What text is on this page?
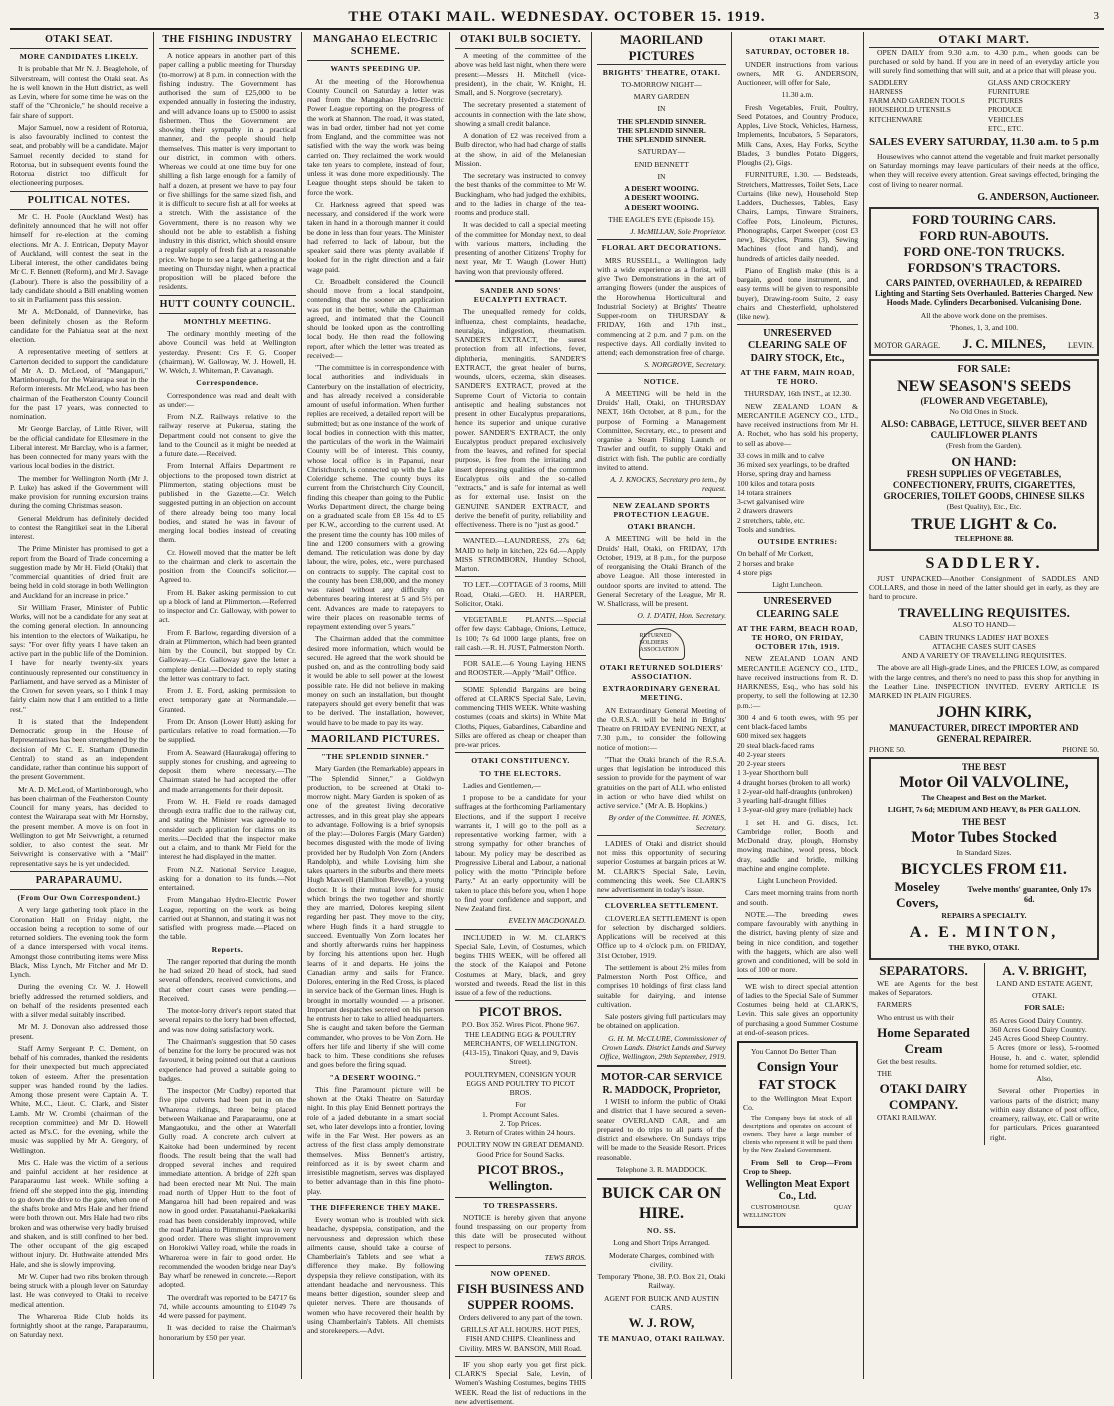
THE OTAKI MAIL. WEDNESDAY. OCTOBER 15. 1919.	3
OTAKI SEAT.
MORE CANDIDATES LIKELY.

It is probable that Mr N. J. Beaglehole, of Silverstream, will contest the Otaki seat. As he is well known in the Hutt district, as well as Levin, where for some time he was on the staff of the "Chronicle," he should receive a fair share of support.

Major Samuel, now a resident of Rotorua, is also favourably inclined to contest the seat, and probably will be a candidate. Major Samuel recently decided to stand for Rotorua, but in subsequent events found the Rotorua district too difficult for electioneering purposes.

POLITICAL NOTES.

Mr C. H. Poole (Auckland West) has definitely announced that he will not offer himself for re-election at the coming elections. Mr A. J. Entrican, Deputy Mayor of Auckland, will contest the seat in the Liberal interest, the other candidates being Mr C. F. Bennett (Reform), and Mr J. Savage (Labour). There is also the possibility of a lady candidate should a Bill enabling women to sit in Parliament pass this session.

Mr A. McDonald, of Dannevirke, has been definitely chosen as the Reform candidate for the Pahiatua seat at the next election.

A representative meeting of settlers at Carterton decided to support the candidature of Mr A. D. McLeod, of "Mangapuri," Martinborough, for the Wairarapa seat in the Reform interests. Mr McLeod, who has been chairman of the Featherston County Council for the past 17 years, was connected to nomination.

Mr George Barclay, of Little River, will be the official candidate for Ellesmere in the Liberal interest. Mr Barclay, who is a farmer, has been connected for many years with the various local bodies in the district.

The member for Wellington North (Mr J. P. Luke) has asked if the Government will make provision for running excursion trains during the coming Christmas season.

General Meldrum has definitely decided to contest the Rangitikei seat in the Liberal interest.

The Prime Minister has promised to get a report from the Board of Trade concerning a suggestion made by Mr H. Field (Otaki) that "commercial quantities of dried fruit are being held in cold storage in both Wellington and Auckland for an increase in price."

Sir William Fraser, Minister of Public Works, will not be a candidate for any seat at the coming general election. In announcing his intention to the electors of Waikatipu, he says: "For over fifty years I have taken an active part in the public life of the Dominion. I have for nearly twenty-six years continuously represented our constituency in Parliament, and have served as a Minister of the Crown for seven years, so I think I may fairly claim now that I am entitled to a little rest."

It is stated that the Independent Democratic group in the House of Representatives has been strengthened by the decision of Mr C. E. Statham (Dunedin Central) to stand as an independent candidate, rather than continue his support of the present Government.

Mr A. D. McLeod, of Martinborough, who has been chairman of the Featherston County Council for many years, has decided to contest the Wairarapa seat with Mr Hornsby, the present member. A move is on foot in Wellington to get Mr Seivwright, a returned soldier, to also contest the seat. Mr Seivwright is conservative with a "Mail" representative says he is yet undecided.

PARAPARAUMU.
(From Our Own Correspondent.)

A very large gathering took place in the Coronation Hall on Friday night, the occasion being a reception to some of our returned soldiers. The evening took the form of a dance interspersed with vocal items. Amongst those contributing items were Miss Black, Miss Lynch, Mr Fitcher and Mr D. Lynch.

During the evening Cr. W. J. Howell briefly addressed the returned soldiers, and on behalf of the residents presented each with a silver medal suitably inscribed.

Mr M. J. Donovan also addressed those present.

Staff Army Sergeant P. C. Dement, on behalf of his comrades, thanked the residents for their unexpected but much appreciated token of esteem. After the presentation supper was handed round by the ladies. Among those present were Captain A. T. White, M.C., Lieut. C. Clark, and Sister Lamb. Mr W. Crombi (chairman of the reception committee) and Mr D. Howell acted as M's.C. for the evening, while the music was supplied by Mr A. Gregory, of Wellington.

Mrs C. Hale was the victim of a serious and painful accident at her residence at Paraparaumu last week. While softing a friend off she stepped into the gig, intending to go down the drive to the gate, when one of the shafts broke and Mrs Hale and her friend were both thrown out. Mrs Hale had two ribs broken and was otherwise very badly bruised and shaken, and is still confined to her bed. The other occupant of the gig escaped without injury. Dr. Huthwaite attended Mrs Hale, and she is slowly improving.

Mr W. Cuper had two ribs broken through being struck with a plough lever on Saturday last. He was conveyed to Otaki to receive medical attention.

The Whareroa Ride Club holds its fortnightly shoot at the range, Paraparaumu, on Saturday next.

THE FISHING INDUSTRY

A notice appears in another part of this paper calling a public meeting for Thursday (to-morrow) at 8 p.m. in connection with the fishing industry. The Government has authorised the sum of £25,000 to be expended annually in fostering the industry, and will advance loans up to £5000 to assist fishermen. Thus the Government are showing their sympathy in a practical manner, and the people should help themselves. This matter is very important to our district, in common with others. Whereas we could at one time buy for one shilling a fish large enough for a family of half a dozen, at present we have to pay four or five shillings for the same sized fish, and it is difficult to secure fish at all for weeks at a stretch. With the assistance of the Government, there is no reason why we should not be able to establish a fishing industry in this district, which should ensure a regular supply of fresh fish at a reasonable price. We hope to see a large gathering at the meeting on Thursday night, when a practical proposition will be placed before the residents.

HUTT COUNTY COUNCIL.
MONTHLY MEETING.

The ordinary monthly meeting of the above Council was held at Wellington yesterday. Present: Crs F. G. Cooper (chairman), W. Galloway, W. J. Howell, H. W. Welch, J. Whiteman, P. Cavanagh.

Correspondence.

Correspondence was read and dealt with as under:—

From N.Z. Railways relative to the railway reserve at Pukerua, stating the Department could not consent to give the land to the Council as it might be needed at a future date.—Received.

From Internal Affairs Department re objections to the proposed town district at Plimmerton, stating objections must be published in the Gazette.—Cr. Welch suggested putting in an objection on account of there already being too many local bodies, and stated he was in favour of merging local bodies instead of creating them.

Cr. Howell moved that the matter be left to the chairman and clerk to ascertain the position from the Council's solicitor.—Agreed to.

From H. Baker asking permission to cut up a block of land at Plimmerton.—Referred to inspector and Cr. Galloway, with power to act.

From F. Barlow, regarding diversion of a drain at Plimmerton, which had been granted him by the Council, but stopped by Cr. Galloway.—Cr. Galloway gave the letter a complete denial.—Decided to reply stating the letter was contrary to fact.

From J. E. Ford, asking permission to erect temporary gate at Normandale.—Granted.

From Dr. Anson (Lower Hutt) asking for particulars relative to road formation.—To be supplied.

From A. Seaward (Haurakuga) offering to supply stones for crushing, and agreeing to deposit them where necessary.—The Chairman stated he had accepted the offer and made arrangements for their deposit.

From W. H. Field re roads damaged through extra traffic due to the railway cut, and stating the Minister was agreeable to consider such application for claims on its merits.—Decided that the inspector make out a claim, and to thank Mr Field for the interest he had displayed in the matter.

From N.Z. National Service League, asking for a donation to its funds.—Not entertained.

From Mangahao Hydro-Electric Power League, reporting on the work as being carried out at Shannon, and stating it was not satisfied with progress made.—Placed on the table.

Reports.

The ranger reported that during the month he had seized 20 head of stock, had sued several offenders, received convictions, and that other court cases were pending.—Received.

The motor-lorry driver's report stated that several repairs to the lorry had been effected, and was now doing satisfactory work.

The Chairman's suggestion that 50 cases of benzine for the lorry be procured was not favoured, it being pointed out that a cautious experience had proved a suitable going to badges.

The inspector (Mr Cudby) reported that five pipe culverts had been put in on the Whareroa ridings, three being placed between Waikanae and Paraparaumu, one at Mangaotuku, and the other at Waterfall Gully road. A concrete arch culvert at Kaitoke had been undermined by recent floods. The result being that the wall had dropped several inches and required immediate attention. A bridge of 22ft span had been erected near Mt Nui. The main road north of Upper Hutt to the foot of Mangaroa hill had been repaired and was now in good order. Pauatahanui-Paekakariki road has been considerably improved, while the road Pahiatua to Plimmerton was in very good order. There was slight improvement on Horokiwi Valley road, while the roads in Whareroa were in fair to good order. He recommended the wooden bridge near Day's Bay wharf be renewed in concrete.—Report adopted.

The overdraft was reported to be £4717 6s 7d, while accounts amounting to £1049 7s 4d were passed for payment.

It was decided to raise the Chairman's honorarium by £50 per year.

MANGAHAO ELECTRIC SCHEME.
WANTS SPEEDING UP.

At the meeting of the Horowhenua County Council on Saturday a letter was read from the Mangahao Hydro-Electric Power League reporting on the progress of the work at Shannon. The road, it was stated, was in bad order, timber had not yet come from England, and the committee was not satisfied with the way the work was being carried on. They reclaimed the work would take ten years to complete, instead of four, unless it was done more expeditiously. The League thought steps should be taken to force the work.

Cr. Harkness agreed that speed was necessary, and considered if the work were taken in hand in a thorough manner it could be done in less than four years. The Minister had referred to lack of labour, but the speaker said there was plenty available if looked for in the right direction and a fair wage paid.

Cr. Broadbelt considered the Council should move from a local standpoint, contending that the sooner an application was put in the better, while the Chairman agreed, and intimated that the Council should be looked upon as the controlling local body. He then read the following report, after which the letter was treated as received:—

"The committee is in correspondence with local authorities and individuals in Canterbury on the installation of electricity, and has already received a considerable amount of useful information. When further replies are received, a detailed report will be submitted; but as one instance of the work of local bodies in connection with this matter, the particulars of the work in the Waimairi County will be of interest. This county, whose local office is in Papanui, near Christchurch, is connected up with the Lake Coleridge scheme. The county buys its current from the Christchurch City Council, finding this cheaper than going to the Public Works Department direct, the charge being on a graduated scale from £8 15s 4d to £5 per K.W., according to the current used. At the present time the county has 100 miles of line and 1200 consumers with a growing demand. The reticulation was done by day labour, the wire, poles, etc., were purchased on contracts to supply. The capital cost to the county has been £38,000, and the money was raised without any difficulty on debentures bearing interest at 5 and 5½ per cent. Advances are made to ratepayers to wire their places on reasonable terms of repayment extending over 5 years."

The Chairman added that the committee desired more information, which would be secured. He agreed that the work should be pushed on, and as the controlling body said it would be able to sell power at the lowest possible rate. He did not believe in making money on such an installation, but thought ratepayers should get every benefit that was to be derived. The installation, however, would have to be made to pay its way.

MAORILAND PICTURES.
"THE SPLENDID SINNER."

Mary Garden (the Remarkable) appears in "The Splendid Sinner," a Goldwyn production, to be screened at Otaki to-morrow night. Mary Garden is spoken of as one of the greatest living decorative actresses, and in this great play she appears to advantage. Following is a brief synopsis of the play:—Dolores Fargis (Mary Garden) becomes disgusted with the mode of living provided her by Rudolph Von Zorn (Anders Randolph), and while Lovising him she takes quarters in the suburbs and there meets Hugh Maxwell (Hamilton Revelle), a young doctor. It is their mutual love for music which brings the two together and shortly they are married, Dolores keeping silent regarding her past. They move to the city, where Hugh finds it a hard struggle to succeed. Eventually Von Zorn locates her and shortly afterwards ruins her happiness by forcing his attentions upon her. Hugh learns of it and departs. He joins the Canadian army and sails for France. Dolores, entering in the Red Cross, is placed in service back of the German lines. Hugh is brought in mortally wounded — a prisoner. Important despatches secreted on his person he entrusts her to take to allied headquarters. She is caught and taken before the German commander, who proves to be Von Zorn. He offers her life and liberty if she will come back to him. These conditions she refuses and goes before the firing squad.

"A DESERT WOOING."

This fine Paramount picture will be shown at the Otaki Theatre on Saturday night. In this play Enid Bennett portrays the role of a jaded debutante in a smart social set, who later develops into a frontier, loving wife in the Far West. Her powers as an actress of the first class amply demonstrate themselves. Miss Bennett's artistry, reinforced as it is by sweet charm and irresistible magnetism, serves was displayed to better advantage than in this fine photo-play.

THE DIFFERENCE THEY MAKE.

Every woman who is troubled with sick headache, dyspepsia, constipation, and the nervousness and depression which these ailments cause, should take a course of Chamberlain's Tablets and see what a difference they make. By following dyspepsia they relieve constipation, with its attendant headache and nervousness. This means better digestion, sounder sleep and quieter nerves. There are thousands of women who have recovered their health by using Chamberlain's Tablets. All chemists and storekeepers.—Advt.

OTAKI BULB SOCIETY.

A meeting of the committee of the above was held last night, when there were present:—Messrs H. Mitchell (vice-president), in the chair, W. Knight, H. Small, and S. Norgrove (secretary).

The secretary presented a statement of accounts in connection with the late show, showing a small credit balance.

A donation of £2 was received from a Bulb director, who had had charge of stalls at the show, in aid of the Melanesian Mission.

The secretary was instructed to convey the best thanks of the committee to Mr W. Buckingham, who had judged the exhibits, and to the ladies in charge of the tea-rooms and produce stall.

It was decided to call a special meeting of the committee for Monday next, to deal with various matters, including the presenting of another Citizens' Trophy for next year, Mr T. Waugh (Lower Hutt) having won that previously offered.

SANDER AND SONS' EUCALYPTI EXTRACT.

The unequalled remedy for colds, influenza, chest complaints, headache, neuralgia, indigestion, rheumatism. SANDER'S EXTRACT, the surest protection from all infections, fever, diphtheria, meningitis. SANDER'S EXTRACT, the great healer of burns, wounds, ulcers, eczema, skin diseases. SANDER'S EXTRACT, proved at the Supreme Court of Victoria to contain antiseptic and healing substances not present in other Eucalyptus preparations, hence its superior and unique curative power. SANDER'S EXTRACT, the only Eucalyptus product prepared exclusively from the leaves, and refined for special purpose, is free from the irritating and insert depressing qualities of the common Eucalyptus oils and the so-called "extracts," and is safe for internal as well as for external use. Insist on the GENUINE SANDER EXTRACT, and derive the benefit of purity, reliability and effectiveness. There is no "just as good."

WANTED.—LAUNDRESS, 27s 6d; MAID to help in kitchen, 22s 6d.—Apply MISS STROMBORN, Huntley School, Marton.

TO LET.—COTTAGE of 3 rooms, Mill Road, Otaki.—GEO. H. HARPER, Solicitor, Otaki.

VEGETABLE PLANTS.—Special offer few days: Cabbage, Onions, Lettuce, 1s 100; 7s 6d 1000 large plants, free on rail cash.—R. H. JUST, Palmerston North.

FOR SALE.—6 Young Laying HENS and ROOSTER.—Apply "Mail" Office.

SOME Splendid Bargains are being offered at CLARK'S Special Sale, Levin, commencing THIS WEEK. White washing costumes (coats and skirts) in White Mat Cloths, Piques, Gabardines, Cabardine and Silks are offered as cheap or cheaper than pre-war prices.

OTAKI CONSTITUENCY.
TO THE ELECTORS.

Ladies and Gentlemen,—

I propose to be a candidate for your suffrages at the forthcoming Parliamentary Elections, and if the support I receive warrants it, I will go to the poll as a representative working farmer, with a strong sympathy for other branches of labour. My policy may be described as Progressive Liberal and Labour, a national policy with the motto "Principle before Party." At an early opportunity will be taken to place this before you, when I hope to find your confidence and support, and New Zealand first.

EVELYN MACDONALD.

INCLUDED in W. M. CLARK'S Special Sale, Levin, of Costumes, which begins THIS WEEK, will be offered all the stock of the Kaiapoi and Petone Costumes at Mary, black, and grey worsted and tweeds. Read the list in this issue of a few of the reductions.

PICOT BROS.

P.O. Box 352. Wires Picot. Phone 967. THE LEADING EGG & POULTRY MERCHANTS, OF WELLINGTON. (413-15), Tinakori Quay, and 9, Davis Street).

POULTRYMEN, CONSIGN YOUR EGGS AND POULTRY TO PICOT BROS.

For
1. Prompt Account Sales.
2. Top Prices.
3. Return of Crates within 24 hours.

POULTRY NOW IN GREAT DEMAND. Good Price for Sound Sacks.

PICOT BROS., Wellington.
TO TRESPASSERS.

NOTICE is hereby given that anyone found trespassing on our property from this date will be prosecuted without respect to persons.

TEWS BROS.

NOW OPENED.
FISH BUSINESS AND SUPPER ROOMS.

Orders delivered to any part of the town.

GRILLS AT ALL HOURS. HOT PIES, FISH AND CHIPS. Cleanliness and Civility. MRS W. BANSON, Mill Road.

IF you shop early you get first pick. CLARK'S Special Sale, Levin, of Women's Washing Costumes, begins THIS WEEK. Read the list of reductions in the new advertisement.

MAORILAND PICTURES
BRIGHTS' THEATRE, OTAKI.

TO-MORROW NIGHT—

MARY GARDEN

IN

THE SPLENDID SINNER.
THE SPLENDID SINNER.
THE SPLENDID SINNER.

SATURDAY—

ENID BENNETT

IN

A DESERT WOOING.
A DESERT WOOING.
A DESERT WOOING.

THE EAGLE'S EYE (Episode 15).

J. McMILLAN, Sole Proprietor.

FLORAL ART DECORATIONS.

MRS RUSSELL, a Wellington lady with a wide experience as a florist, will give Two Demonstrations in the art of arranging flowers (under the auspices of the Horowhenua Horticultural and Industrial Society) at Brights' Theatre Supper-room on THURSDAY & FRIDAY, 16th and 17th inst., commencing at 2 p.m. and 7 p.m. on the respective days. All cordially invited to attend; each demonstration free of charge.

S. NORGROVE, Secretary.

NOTICE.

A MEETING will be held in the Druids' Hall, Otaki, on THURSDAY NEXT, 16th October, at 8 p.m., for the purpose of Forming a Management Committee, Secretary, etc., to present and organise a Steam Fishing Launch or Trawler and outfit, to supply Otaki and district with fish. The public are cordially invited to attend.

A. J. KNOCKS, Secretary pro tem., by request.

NEW ZEALAND SPORTS PROTECTION LEAGUE.
OTAKI BRANCH.

A MEETING will be held in the Druids' Hall, Otaki, on FRIDAY, 17th October, 1919, at 8 p.m., for the purpose of reorganising the Otaki Branch of the above League. All those interested in outdoor sports are invited to attend. The General Secretary of the League, Mr R. W. Shallcrass, will be present.

O. J. D'ATH, Hon. Secretary.

RETURNED SOLDIERS ASSOCIATION
OTAKI RETURNED SOLDIERS' ASSOCIATION.
EXTRAORDINARY GENERAL MEETING.

AN Extraordinary General Meeting of the O.R.S.A. will be held in Brights' Theatre on FRIDAY EVENING NEXT, at 7.30 p.m., to consider the following notice of motion:—

"That the Otaki branch of the R.S.A. urges that legislation be introduced this session to provide for the payment of war gratuities on the part of ALL who enlisted in action or who have died whilst on active service." (Mr A. B. Hopkins.)

By order of the Committee. H. JONES, Secretary.

LADIES of Otaki and district should not miss this opportunity of securing superior Costumes at bargain prices at W. M. CLARK'S Special Sale, Levin, commencing this week. See CLARK'S new advertisement in today's issue.

CLOVERLEA SETTLEMENT.

CLOVERLEA SETTLEMENT is open for selection by discharged soldiers. Applications will be received at this Office up to 4 o'clock p.m. on FRIDAY, 31st October, 1919.

The settlement is about 2½ miles from Palmerston North Post Office, and comprises 10 holdings of first class land suitable for dairying, and intense cultivation.

Sale posters giving full particulars may be obtained on application.

G. H. M. McCLURE, Commissioner of Crown Lands. District Lands and Survey Office, Wellington, 29th September, 1919.

MOTOR-CAR SERVICE
R. MADDOCK, Proprietor,

I WISH to inform the public of Otaki and district that I have secured a seven-seater OVERLAND CAR, and am prepared to do trips to all parts of the district and elsewhere. On Sundays trips will be made to the Seaside Resort. Prices reasonable.

Telephone 3. R. MADDOCK.

BUICK CAR ON HIRE.
NO. SS.

Long and Short Trips Arranged.

Moderate Charges, combined with civility.

Temporary 'Phone, 38. P.O. Box 21, Otaki Railway.

AGENT FOR BUICK AND AUSTIN CARS.

W. J. ROW,
TE MANUAO, OTAKI RAILWAY.
OTAKI MART.
SATURDAY, OCTOBER 18.

UNDER instructions from various owners, MR G. ANDERSON, Auctioneer, will offer for Sale,

11.30 a.m.

Fresh Vegetables, Fruit, Poultry, Seed Potatoes, and Country Produce, Apples, Live Stock, Vehicles, Harness, Implements, Incubators, 5 Separators, Milk Cans, Axes, Hay Forks, Scythe Blades, 3 bundles Potato Diggers, Ploughs (2), Gigs.

FURNITURE, 1.30. — Bedsteads, Stretchers, Mattresses, Toilet Sets, Lace Curtains (like new), Household Step Ladders, Duchesses, Tables, Easy Chairs, Lamps, Tinware Strainers, Coffee Pots, Linoleum, Pictures, Phonographs, Carpet Sweeper (cost £3 new), Bicycles, Prams (3), Sewing Machines (foot and hand), and hundreds of articles daily needed.

Piano of English make (this is a bargain, good tone instrument, and easy terms will be given to responsible buyer), Drawing-room Suite, 2 easy chairs and Chesterfield, upholstered (like new).

UNRESERVED CLEARING SALE OF DAIRY STOCK, Etc.,
AT THE FARM, MAIN ROAD, TE HORO.

THURSDAY, 16th INST., at 12.30.

NEW ZEALAND LOAN & MERCANTILE AGENCY CO., LTD., have received instructions from Mr H. A. Rochet, who has sold his property, to sell as above—

33 cows in milk and to calve
36 mixed sex yearlings, to be drafted
Horse, spring dray and harness
100 kilos and totara posts
14 totara strainers
3-cwt galvanised wire
2 drawers drawers
2 stretchers, table, etc.
Tools and sundries.

OUTSIDE ENTRIES:

On behalf of Mr Corkett,
2 horses and brake
4 store pigs

Light Luncheon.

UNRESERVED CLEARING SALE
AT THE FARM, BEACH ROAD, TE HORO, ON FRIDAY, OCTOBER 17th, 1919.

NEW ZEALAND LOAN AND MERCANTILE AGENCY CO., LTD., have received instructions from R. D. HARKNESS, Esq., who has sold his property, to sell the following at 12.30 p.m.:—

300 4 and 6 tooth ewes, with 95 per cent black-faced lambs
600 mixed sex haggets
20 steal black-faced rams
40 2-year steers
20 2-year steers
1 3-year Shorthorn bull
4 draught horses (broken to all work)
1 2-year-old half-draughts (unbroken)
3 yearling half-draught fillies
1 3-year-old grey mare (reliable) hack

1 set H. and G. discs, 1ct. Cambridge roller, Booth and McDonald dray, plough, Hornsby mowing machine, wool press, block dray, saddle and bridle, milking machine and engine complete.

Light Luncheon Provided.

Cars meet morning trains from north and south.

NOTE.—The breeding ewes compare favourably with anything in the district, having plenty of size and being in nice condition, and together with the haggets, which are also well grown and conditioned, will be sold in lots of 100 or more.

WE wish to direct special attention of ladies to the Special Sale of Summer Costumes being held at CLARK'S, Levin. This sale gives an opportunity of purchasing a good Summer Costume at end-of-season prices.

You Cannot Do Better Than

Consign Your FAT STOCK

to the Wellington Meat Export Co.

The Company buys fat stock of all descriptions and operates on account of owners. They have a large number of clients who represent it will be paid them by the New Zealand Government.

From Sell to Crop—From Crop to Sheep.

Wellington Meat Export Co., Ltd.

CUSTOMHOUSE QUAY WELLINGTON

OTAKI MART.

OPEN DAILY from 9.30 a.m. to 4.30 p.m., when goods can be purchased or sold by hand. If you are in need of an everyday article you will surely find something that will suit, and at a price that will please you.

SADDLERY	GLASS AND CROCKERY
HARNESS	FURNITURE
FARM AND GARDEN TOOLS	PICTURES
HOUSEHOLD UTENSILS	PRODUCE
KITCHENWARE	VEHICLES
ETC., ETC.
SALES EVERY SATURDAY, 11.30 a.m. to 5 p.m

Housewives who cannot attend the vegetable and fruit market personally on Saturday mornings may leave particulars of their needs at the office, when they will receive every attention. Great savings effected, bringing the cost of living to nearer normal.

G. ANDERSON, Auctioneer.

FORD TOURING CARS.
FORD RUN-ABOUTS.
FORD ONE-TON TRUCKS.
FORDSON'S TRACTORS.
CARS PAINTED, OVERHAULED, & REPAIRED

Lighting and Starting Sets Overhauled. Batteries Charged. New Hoods Made. Cylinders Decarbonised. Vulcanising Done.

All the above work done on the premises.

'Phones, 1, 3, and 100.

MOTOR GARAGE. J. C. MILNES,	LEVIN.
FOR SALE:
NEW SEASON'S SEEDS
(FLOWER AND VEGETABLE),

No Old Ones in Stock.

ALSO: CABBAGE, LETTUCE, SILVER BEET AND CAULIFLOWER PLANTS

(Fresh from the Garden).

ON HAND:
FRESH SUPPLIES OF VEGETABLES, CONFECTIONERY, FRUITS, CIGARETTES, GROCERIES, TOILET GOODS, CHINESE SILKS

(Best Quality), Etc., Etc.

TRUE LIGHT & Co.

TELEPHONE 88.

SADDLERY.

JUST UNPACKED—Another Consignment of SADDLES AND COLLARS, and those in need of the latter should get in early, as they are hard to procure.

TRAVELLING REQUISITES.

ALSO TO HAND—

CABIN TRUNKS LADIES' HAT BOXES
ATTACHE CASES SUIT CASES
AND A VARIETY OF TRAVELLING REQUISITES.

The above are all High-grade Lines, and the PRICES LOW, as compared with the large centres, and there's no need to pass this shop for anything in the Leather Line. INSPECTION INVITED. EVERY ARTICLE IS MARKED IN PLAIN FIGURES.

JOHN KIRK,
MANUFACTURER, DIRECT IMPORTER AND GENERAL REPAIRER.
PHONE 50.	PHONE 50.
THE BEST
Motor Oil VALVOLINE,

The Cheapest and Best on the Market.

LIGHT, 7s 6d; MEDIUM AND HEAVY, 8s PER GALLON.

THE BEST
Motor Tubes Stocked

In Standard Sizes.

BICYCLES FROM £11.
Moseley Covers,
Twelve months' guarantee, Only 17s 6d.

REPAIRS A SPECIALTY.

A. E. MINTON,

THE BYKO, OTAKI.

SEPARATORS.

WE are Agents for the best makes of Separators.

FARMERS

Who entrust us with their

Home Separated Cream

Get the best results.

THE

OTAKI DAIRY COMPANY.

OTAKI RAILWAY.

A. V. BRIGHT,

LAND AND ESTATE AGENT,

OTAKI.

FOR SALE:

85 Acres Good Dairy Country.
360 Acres Good Dairy Country.
245 Acres Good Sheep Country.
5 Acres (more or less), 5-roomed House, h. and c. water, splendid home for returned soldier, etc.

Also,

Several other Properties in various parts of the district; many within easy distance of post office, creamery, railway, etc. Call or write for particulars. Prices guaranteed right.
